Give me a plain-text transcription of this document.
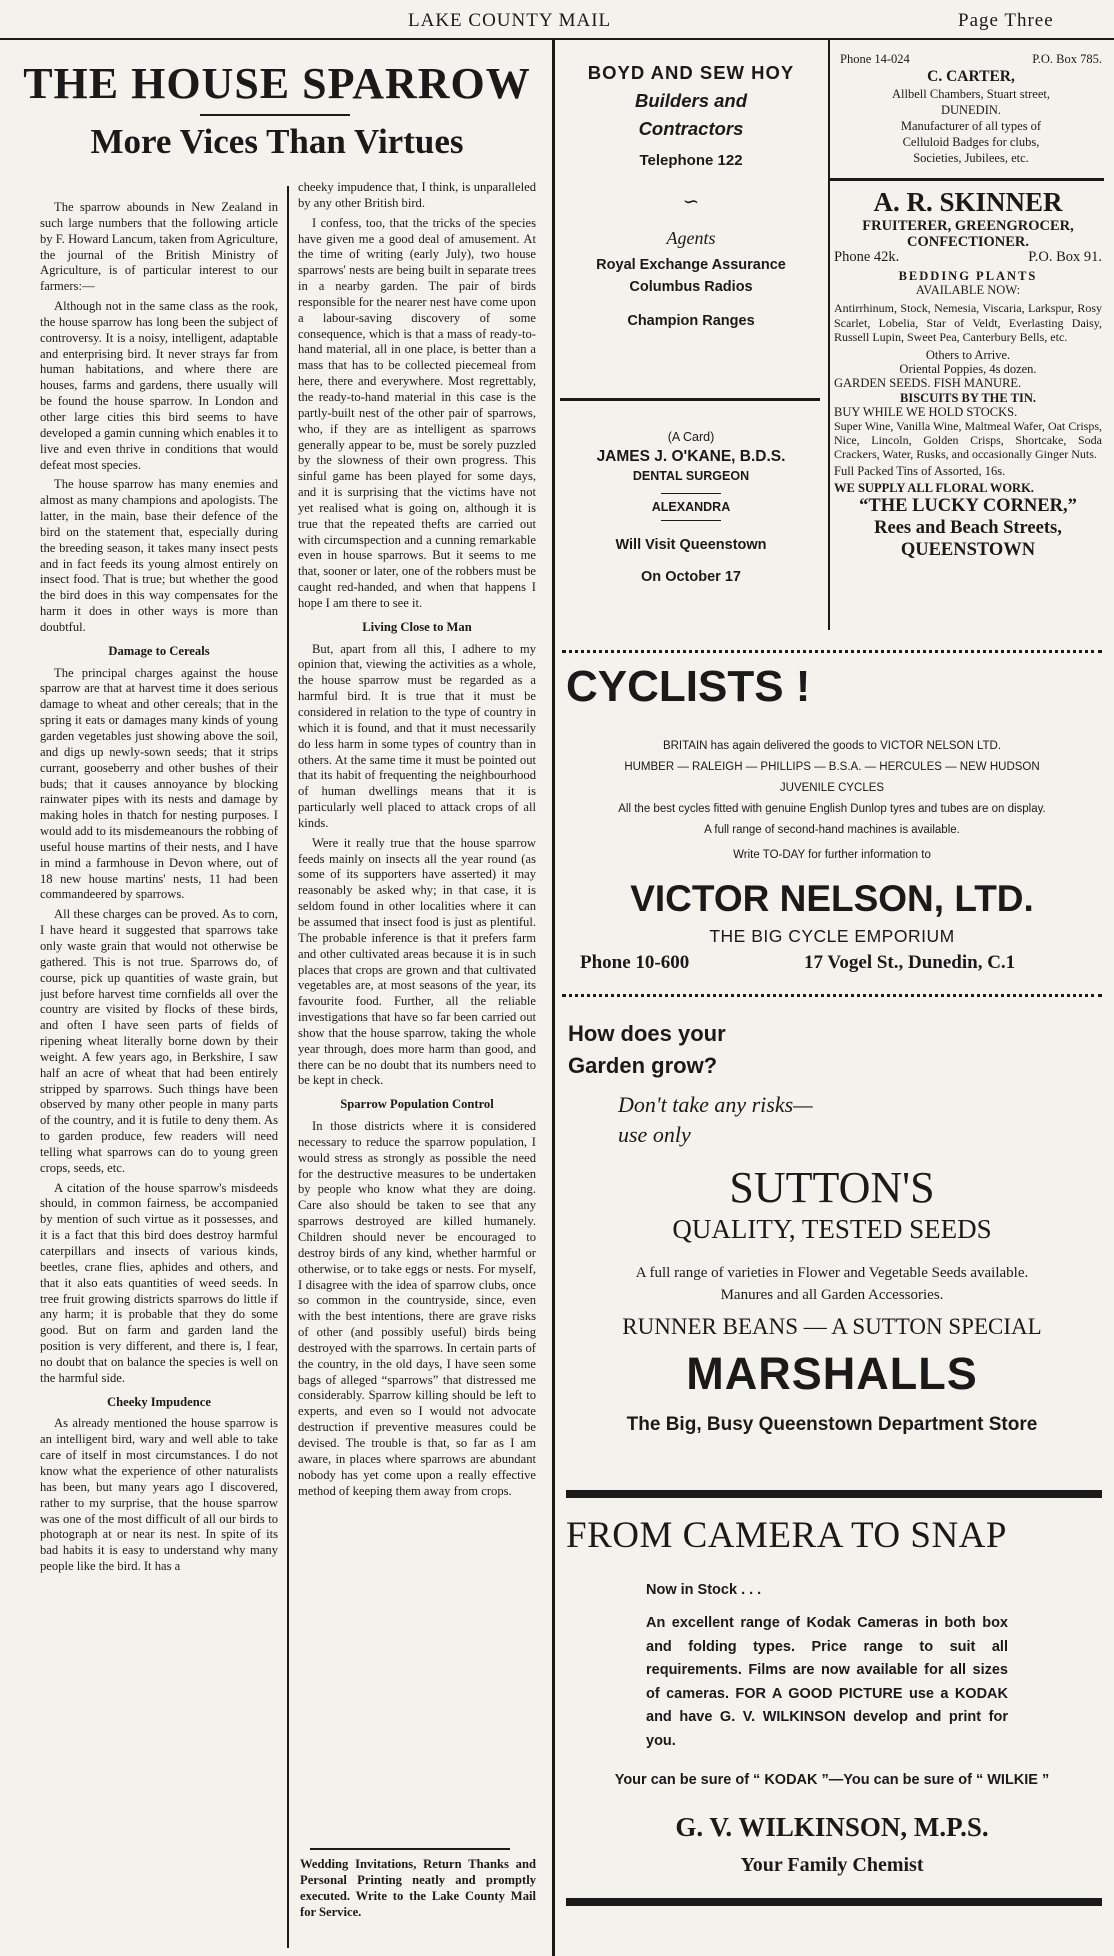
LAKE COUNTY MAIL	Page Three
THE HOUSE SPARROW
More Vices Than Virtues

The sparrow abounds in New Zealand in such large numbers that the following article by F. Howard Lancum, taken from Agriculture, the journal of the British Ministry of Agriculture, is of particular interest to our farmers:—

Although not in the same class as the rook, the house sparrow has long been the subject of controversy. It is a noisy, intelligent, adaptable and enterprising bird. It never strays far from human habitations, and where there are houses, farms and gardens, there usually will be found the house sparrow. In London and other large cities this bird seems to have developed a gamin cunning which enables it to live and even thrive in conditions that would defeat most species.

The house sparrow has many enemies and almost as many champions and apologists. The latter, in the main, base their defence of the bird on the statement that, especially during the breeding season, it takes many insect pests and in fact feeds its young almost entirely on insect food. That is true; but whether the good the bird does in this way compensates for the harm it does in other ways is more than doubtful.

Damage to Cereals

The principal charges against the house sparrow are that at harvest time it does serious damage to wheat and other cereals; that in the spring it eats or damages many kinds of young garden vegetables just showing above the soil, and digs up newly-sown seeds; that it strips currant, gooseberry and other bushes of their buds; that it causes annoyance by blocking rainwater pipes with its nests and damage by making holes in thatch for nesting purposes. I would add to its misdemeanours the robbing of useful house martins of their nests, and I have in mind a farmhouse in Devon where, out of 18 new house martins' nests, 11 had been commandeered by sparrows.

All these charges can be proved. As to corn, I have heard it suggested that sparrows take only waste grain that would not otherwise be gathered. This is not true. Sparrows do, of course, pick up quantities of waste grain, but just before harvest time cornfields all over the country are visited by flocks of these birds, and often I have seen parts of fields of ripening wheat literally borne down by their weight. A few years ago, in Berkshire, I saw half an acre of wheat that had been entirely stripped by sparrows. Such things have been observed by many other people in many parts of the country, and it is futile to deny them. As to garden produce, few readers will need telling what sparrows can do to young green crops, seeds, etc.

A citation of the house sparrow's misdeeds should, in common fairness, be accompanied by mention of such virtue as it possesses, and it is a fact that this bird does destroy harmful caterpillars and insects of various kinds, beetles, crane flies, aphides and others, and that it also eats quantities of weed seeds. In tree fruit growing districts sparrows do little if any harm; it is probable that they do some good. But on farm and garden land the position is very different, and there is, I fear, no doubt that on balance the species is well on the harmful side.

Cheeky Impudence

As already mentioned the house sparrow is an intelligent bird, wary and well able to take care of itself in most circumstances. I do not know what the experience of other naturalists has been, but many years ago I discovered, rather to my surprise, that the house sparrow was one of the most difficult of all our birds to photograph at or near its nest. In spite of its bad habits it is easy to understand why many people like the bird. It has a

cheeky impudence that, I think, is unparalleled by any other British bird.

I confess, too, that the tricks of the species have given me a good deal of amusement. At the time of writing (early July), two house sparrows' nests are being built in separate trees in a nearby garden. The pair of birds responsible for the nearer nest have come upon a labour-saving discovery of some consequence, which is that a mass of ready-to-hand material, all in one place, is better than a mass that has to be collected piecemeal from here, there and everywhere. Most regrettably, the ready-to-hand material in this case is the partly-built nest of the other pair of sparrows, who, if they are as intelligent as sparrows generally appear to be, must be sorely puzzled by the slowness of their own progress. This sinful game has been played for some days, and it is surprising that the victims have not yet realised what is going on, although it is true that the repeated thefts are carried out with circumspection and a cunning remarkable even in house sparrows. But it seems to me that, sooner or later, one of the robbers must be caught red-handed, and when that happens I hope I am there to see it.

Living Close to Man

But, apart from all this, I adhere to my opinion that, viewing the activities as a whole, the house sparrow must be regarded as a harmful bird. It is true that it must be considered in relation to the type of country in which it is found, and that it must necessarily do less harm in some types of country than in others. At the same time it must be pointed out that its habit of frequenting the neighbourhood of human dwellings means that it is particularly well placed to attack crops of all kinds.

Were it really true that the house sparrow feeds mainly on insects all the year round (as some of its supporters have asserted) it may reasonably be asked why; in that case, it is seldom found in other localities where it can be assumed that insect food is just as plentiful. The probable inference is that it prefers farm and other cultivated areas because it is in such places that crops are grown and that cultivated vegetables are, at most seasons of the year, its favourite food. Further, all the reliable investigations that have so far been carried out show that the house sparrow, taking the whole year through, does more harm than good, and there can be no doubt that its numbers need to be kept in check.

Sparrow Population Control

In those districts where it is considered necessary to reduce the sparrow population, I would stress as strongly as possible the need for the destructive measures to be undertaken by people who know what they are doing. Care also should be taken to see that any sparrows destroyed are killed humanely. Children should never be encouraged to destroy birds of any kind, whether harmful or otherwise, or to take eggs or nests. For myself, I disagree with the idea of sparrow clubs, once so common in the countryside, since, even with the best intentions, there are grave risks of other (and possibly useful) birds being destroyed with the sparrows. In certain parts of the country, in the old days, I have seen some bags of alleged “sparrows” that distressed me considerably. Sparrow killing should be left to experts, and even so I would not advocate destruction if preventive measures could be devised. The trouble is that, so far as I am aware, in places where sparrows are abundant nobody has yet come upon a really effective method of keeping them away from crops.

Wedding Invitations, Return Thanks and Personal Printing neatly and promptly executed. Write to the Lake County Mail for Service.
BOYD AND SEW HOY
Builders and
Contractors
Telephone 122
∽
Agents
Royal Exchange Assurance
Columbus Radios
Champion Ranges
(A Card)
JAMES J. O'KANE, B.D.S.
DENTAL SURGEON
ALEXANDRA
Will Visit Queenstown
On October 17
Phone 14-024	P.O. Box 785.
C. CARTER,
Allbell Chambers, Stuart street,
DUNEDIN.
Manufacturer of all types of
Celluloid Badges for clubs,
Societies, Jubilees, etc.
A. R. SKINNER
FRUITERER, GREENGROCER,
CONFECTIONER.
Phone 42k.	P.O. Box 91.
BEDDING PLANTS
AVAILABLE NOW:
Antirrhinum, Stock, Nemesia, Viscaria, Larkspur, Rosy Scarlet, Lobelia, Star of Veldt, Everlasting Daisy, Russell Lupin, Sweet Pea, Canterbury Bells, etc.
Others to Arrive.
Oriental Poppies, 4s dozen.
GARDEN SEEDS. FISH MANURE.
BISCUITS BY THE TIN.
BUY WHILE WE HOLD STOCKS.
Super Wine, Vanilla Wine, Maltmeal Wafer, Oat Crisps, Nice, Lincoln, Golden Crisps, Shortcake, Soda Crackers, Water, Rusks, and occasionally Ginger Nuts.
Full Packed Tins of Assorted, 16s.
WE SUPPLY ALL FLORAL WORK.
“THE LUCKY CORNER,”
Rees and Beach Streets,
QUEENSTOWN
CYCLISTS !
BRITAIN has again delivered the goods to VICTOR NELSON LTD.
HUMBER — RALEIGH — PHILLIPS — B.S.A. — HERCULES — NEW HUDSON
JUVENILE CYCLES
All the best cycles fitted with genuine English Dunlop tyres and tubes are on display.
A full range of second-hand machines is available.
Write TO-DAY for further information to
VICTOR NELSON, LTD.
THE BIG CYCLE EMPORIUM
Phone 10-600	17 Vogel St., Dunedin, C.1
How does your
Garden grow?
Don't take any risks—
use only
SUTTON'S
QUALITY, TESTED SEEDS
A full range of varieties in Flower and Vegetable Seeds available.
Manures and all Garden Accessories.
RUNNER BEANS — A SUTTON SPECIAL
MARSHALLS
The Big, Busy Queenstown Department Store
FROM CAMERA TO SNAP
Now in Stock . . .
An excellent range of Kodak Cameras in both box and folding types. Price range to suit all requirements. Films are now available for all sizes of cameras. FOR A GOOD PICTURE use a KODAK and have G. V. WILKINSON develop and print for you.
Your can be sure of “ KODAK ”—You can be sure of “ WILKIE ”
G. V. WILKINSON, M.P.S.
Your Family Chemist
